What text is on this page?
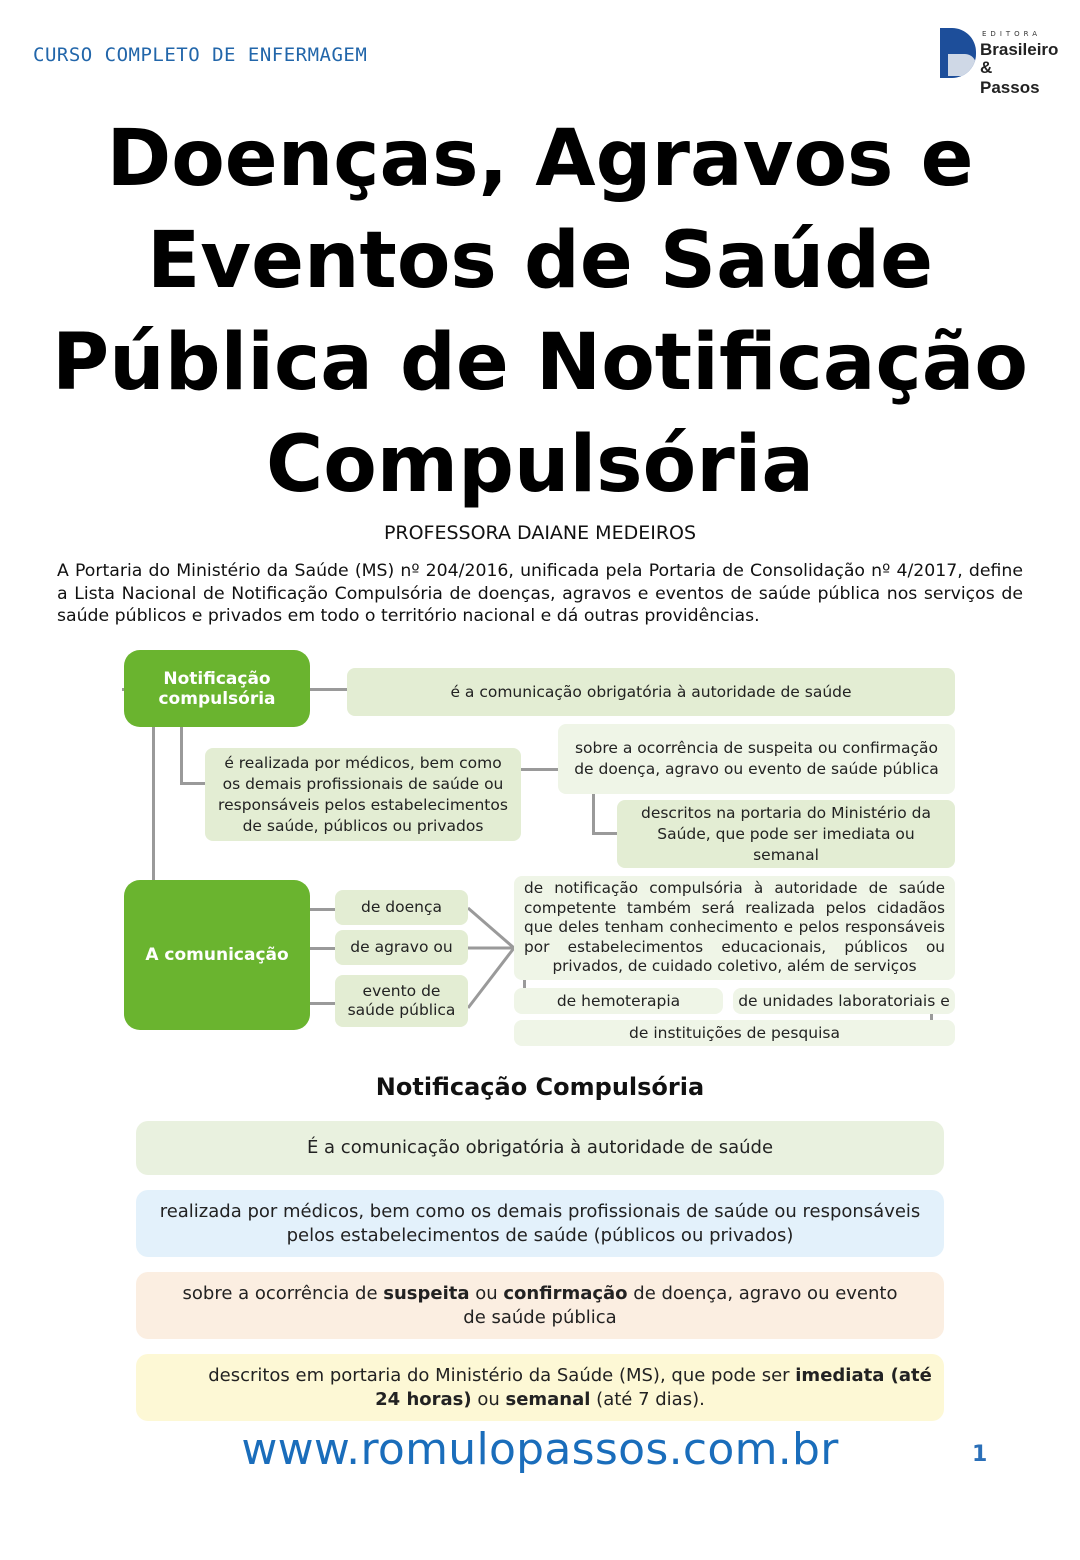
CURSO COMPLETO DE ENFERMAGEM
EDITORA
Brasileiro
& Passos
Doenças, Agravos e
Eventos de Saúde
Pública de Notificação
Compulsória
PROFESSORA DAIANE MEDEIROS
A Portaria do Ministério da Saúde (MS) nº 204/2016, unificada pela Portaria de Consolidação nº 4/2017, define a Lista Nacional de Notificação Compulsória de doenças, agravos e eventos de saúde pública nos serviços de saúde públicos e privados em todo o território nacional e dá outras providências.
Notificação
compulsória	é a comunicação obrigatória à autoridade de saúde
é realizada por médicos, bem como os demais profissionais de saúde ou responsáveis pelos estabelecimentos de saúde, públicos ou privados
sobre a ocorrência de suspeita ou confirmação de doença, agravo ou evento de saúde pública
descritos na portaria do Ministério da Saúde, que pode ser imediata ou semanal
A comunicação
de doença
de agravo ou
evento de saúde pública
de notificação compulsória à autoridade de saúde competente também será realizada pelos cidadãos que deles tenham conhecimento e pelos responsáveis por estabelecimentos educacionais, públicos ou privados, de cuidado coletivo, além de serviços
de hemoterapia	de unidades laboratoriais e
de instituições de pesquisa
Notificação Compulsória
É a comunicação obrigatória à autoridade de saúde
realizada por médicos, bem como os demais profissionais de saúde ou responsáveis
pelos estabelecimentos de saúde (públicos ou privados)
sobre a ocorrência de suspeita ou confirmação de doença, agravo ou evento
de saúde pública
descritos em portaria do Ministério da Saúde (MS), que pode ser imediata (até
24 horas) ou semanal (até 7 dias).
www.romulopassos.com.br	1
